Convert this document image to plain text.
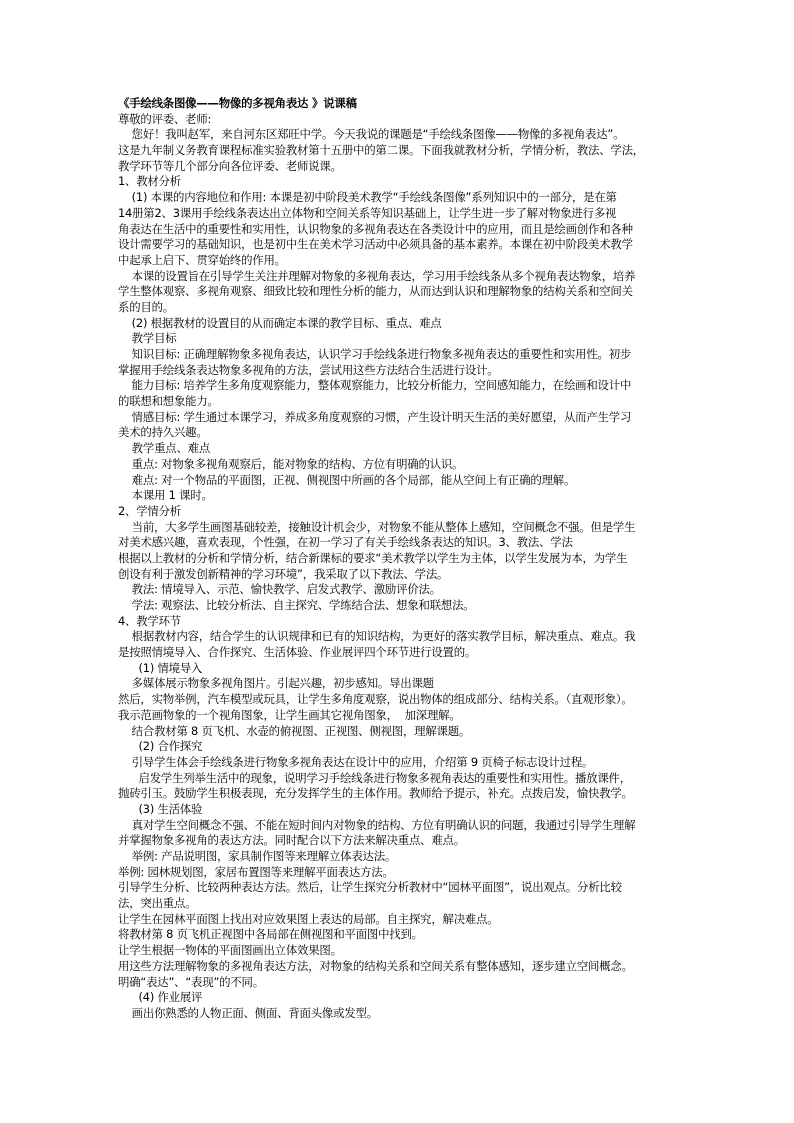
《手绘线条图像——物像的多视角表达 》说课稿
尊敬的评委、老师:
您好！我叫赵军，来自河东区郑旺中学。今天我说的课题是“手绘线条图像——物像的多视角表达”。
这是九年制义务教育课程标准实验教材第十五册中的第二课。下面我就教材分析，学情分析，教法、学法，
教学环节等几个部分向各位评委、老师说课。
1、教材分析
(1) 本课的内容地位和作用: 本课是初中阶段美术教学“手绘线条图像”系列知识中的一部分，是在第
14册第2、3课用手绘线条表达出立体物和空间关系等知识基础上，让学生进一步了解对物象进行多视
角表达在生活中的重要性和实用性，认识物象的多视角表达在各类设计中的应用，而且是绘画创作和各种
设计需要学习的基础知识，也是初中生在美术学习活动中必须具备的基本素养。本课在初中阶段美术教学
中起承上启下、贯穿始终的作用。
本课的设置旨在引导学生关注并理解对物象的多视角表达，学习用手绘线条从多个视角表达物象，培养
学生整体观察、多视角观察、细致比较和理性分析的能力，从而达到认识和理解物象的结构关系和空间关
系的目的。
(2) 根据教材的设置目的从而确定本课的教学目标、重点、难点
教学目标
知识目标: 正确理解物象多视角表达，认识学习手绘线条进行物象多视角表达的重要性和实用性。初步
掌握用手绘线条表达物象多视角的方法，尝试用这些方法结合生活进行设计。
能力目标: 培养学生多角度观察能力，整体观察能力，比较分析能力，空间感知能力，在绘画和设计中
的联想和想象能力。
情感目标: 学生通过本课学习，养成多角度观察的习惯，产生设计明天生活的美好愿望，从而产生学习
美术的持久兴趣。
教学重点、难点
重点: 对物象多视角观察后，能对物象的结构、方位有明确的认识。
难点: 对一个物品的平面图，正视、侧视图中所画的各个局部，能从空间上有正确的理解。
本课用 1 课时。
2、学情分析
当前，大多学生画图基础较差，接触设计机会少，对物象不能从整体上感知，空间概念不强。但是学生
对美术感兴趣，喜欢表现，个性强，在初一学习了有关手绘线条表达的知识。3、教法、学法
根据以上教材的分析和学情分析，结合新课标的要求“美术教学以学生为主体，以学生发展为本，为学生
创设有利于激发创新精神的学习环境”，我采取了以下教法、学法。
教法: 情境导入、示范、愉快教学、启发式教学、激励评价法。
学法: 观察法、比较分析法、自主探究、学练结合法、想象和联想法。
4、教学环节
根据教材内容，结合学生的认识规律和已有的知识结构，为更好的落实教学目标，解决重点、难点。我
是按照情境导入、合作探究、生活体验、作业展评四个环节进行设置的。
(1) 情境导入
多媒体展示物象多视角图片。引起兴趣，初步感知。导出课题
然后，实物举例，汽车模型或玩具，让学生多角度观察，说出物体的组成部分、结构关系。（直观形象）。
我示范画物象的一个视角图象，让学生画其它视角图象，  加深理解。
结合教材第 8 页飞机、水壶的俯视图、正视图、侧视图，理解课题。
(2) 合作探究
引导学生体会手绘线条进行物象多视角表达在设计中的应用，介绍第 9 页椅子标志设计过程。
启发学生列举生活中的现象，说明学习手绘线条进行物象多视角表达的重要性和实用性。播放课件，
抛砖引玉。鼓励学生积极表现，充分发挥学生的主体作用。教师给予提示，补充。点拨启发，愉快教学。
(3) 生活体验
真对学生空间概念不强、不能在短时间内对物象的结构、方位有明确认识的问题，我通过引导学生理解
并掌握物象多视角的表达方法。同时配合以下方法来解决重点、难点。
举例: 产品说明图，家具制作图等来理解立体表达法。
举例: 园林规划图，家居布置图等来理解平面表达方法。
引导学生分析、比较两种表达方法。然后，让学生探究分析教材中“园林平面图”，说出观点。分析比较
法，突出重点。
让学生在园林平面图上找出对应效果图上表达的局部。自主探究，解决难点。
将教材第 8 页飞机正视图中各局部在侧视图和平面图中找到。
让学生根据一物体的平面图画出立体效果图。
用这些方法理解物象的多视角表达方法，对物象的结构关系和空间关系有整体感知，逐步建立空间概念。
明确“表达”、“表现”的不同。
(4) 作业展评
画出你熟悉的人物正面、侧面、背面头像或发型。
